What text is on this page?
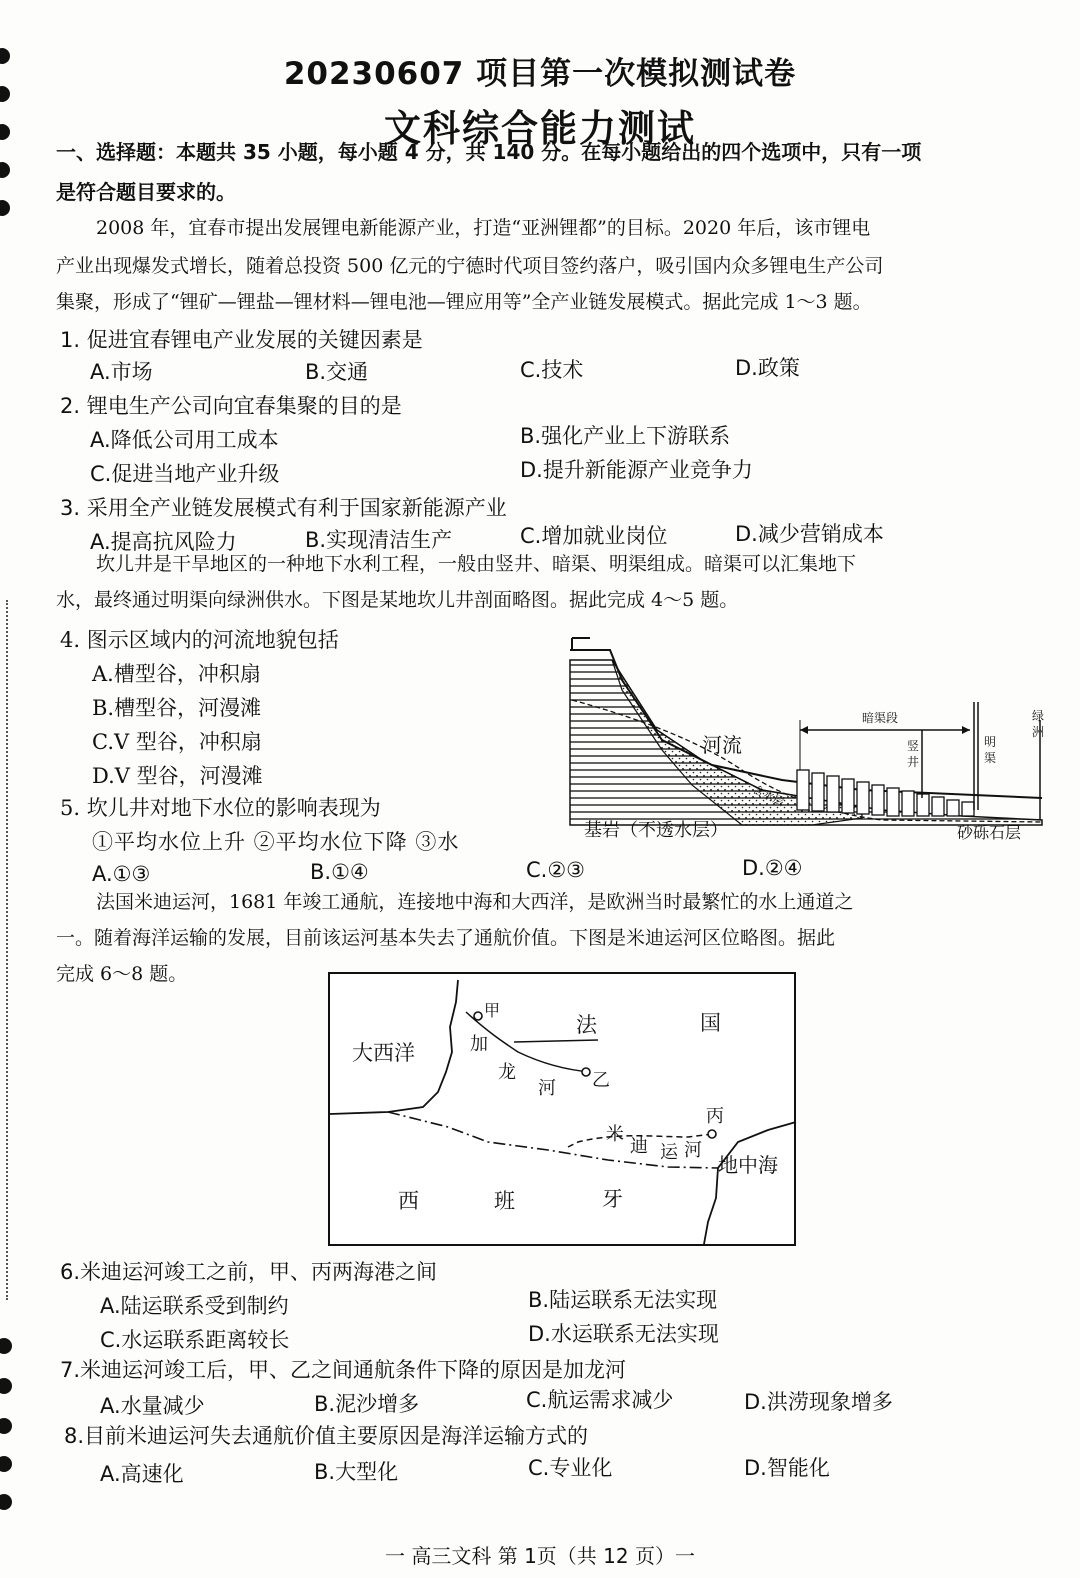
20230607 项目第一次模拟测试卷
文科综合能力测试
一、选择题：本题共 35 小题，每小题 4 分，共 140 分。在每小题给出的四个选项中，只有一项
是符合题目要求的。
2008 年，宜春市提出发展锂电新能源产业，打造“亚洲锂都”的目标。2020 年后，该市锂电
产业出现爆发式增长，随着总投资 500 亿元的宁德时代项目签约落户，吸引国内众多锂电生产公司
集聚，形成了“锂矿—锂盐—锂材料—锂电池—锂应用等”全产业链发展模式。据此完成 1～3 题。
1. 促进宜春锂电产业发展的关键因素是
A.市场	B.交通	C.技术	D.政策
2. 锂电生产公司向宜春集聚的目的是
A.降低公司用工成本	B.强化产业上下游联系
C.促进当地产业升级	D.提升新能源产业竞争力
3. 采用全产业链发展模式有利于国家新能源产业
A.提高抗风险力	B.实现清洁生产	C.增加就业岗位	D.减少营销成本
坎儿井是干旱地区的一种地下水利工程，一般由竖井、暗渠、明渠组成。暗渠可以汇集地下
水，最终通过明渠向绿洲供水。下图是某地坎儿井剖面略图。据此完成 4～5 题。
4. 图示区域内的河流地貌包括
A.槽型谷，冲积扇
B.槽型谷，河漫滩
C.V 型谷，冲积扇
D.V 型谷，河漫滩
5. 坎儿井对地下水位的影响表现为
①平均水位上升 ②平均水位下降 ③水
A.①③	B.①④	C.②③	D.②④
暗渠段
河流
含水层
基岩（不透水层）	砂砾石层
竖井
明渠
绿洲
法国米迪运河，1681 年竣工通航，连接地中海和大西洋，是欧洲当时最繁忙的水上通道之
一。随着海洋运输的发展，目前该运河基本失去了通航价值。下图是米迪运河区位略图。据此
完成 6～8 题。
大西洋
甲
法	国
加
龙
河 乙
丙
米
迪 运 河
地中海
西	班	牙
6.米迪运河竣工之前，甲、丙两海港之间
A.陆运联系受到制约	B.陆运联系无法实现
C.水运联系距离较长	D.水运联系无法实现
7.米迪运河竣工后，甲、乙之间通航条件下降的原因是加龙河
A.水量减少	B.泥沙增多	C.航运需求减少	D.洪涝现象增多
8.目前米迪运河失去通航价值主要原因是海洋运输方式的
A.高速化	B.大型化	C.专业化	D.智能化
一 高三文科 第 1页（共 12 页）一
